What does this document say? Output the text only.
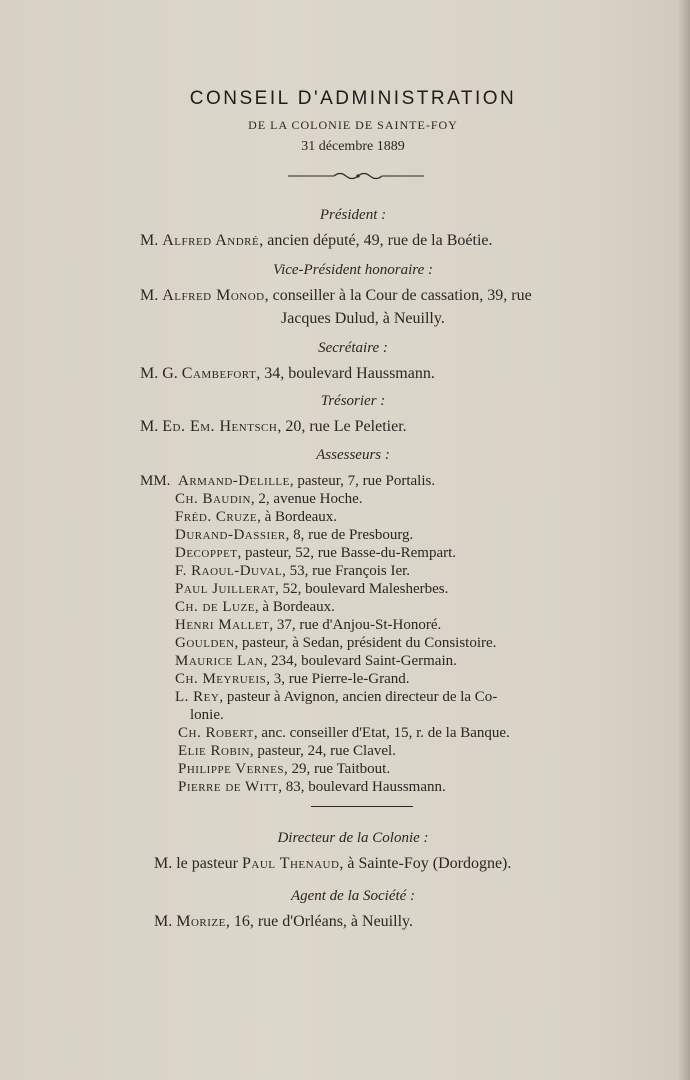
CONSEIL D'ADMINISTRATION
DE LA COLONIE DE SAINTE-FOY
31 décembre 1889
Président :
M. Alfred André, ancien député, 49, rue de la Boétie.
Vice-Président honoraire :
M. Alfred Monod, conseiller à la Cour de cassation, 39, rue
Jacques Dulud, à Neuilly.
Secrétaire :
M. G. Cambefort, 34, boulevard Haussmann.
Trésorier :
M. Ed. Em. Hentsch, 20, rue Le Peletier.
Assesseurs :
MM. Armand-Delille, pasteur, 7, rue Portalis.
Ch. Baudin, 2, avenue Hoche.
Fréd. Cruze, à Bordeaux.
Durand-Dassier, 8, rue de Presbourg.
Decoppet, pasteur, 52, rue Basse-du-Rempart.
F. Raoul-Duval, 53, rue François Ier.
Paul Juillerat, 52, boulevard Malesherbes.
Ch. de Luze, à Bordeaux.
Henri Mallet, 37, rue d'Anjou-St-Honoré.
Goulden, pasteur, à Sedan, président du Consistoire.
Maurice Lan, 234, boulevard Saint-Germain.
Ch. Meyrueis, 3, rue Pierre-le-Grand.
L. Rey, pasteur à Avignon, ancien directeur de la Co-
lonie.
Ch. Robert, anc. conseiller d'Etat, 15, r. de la Banque.
Elie Robin, pasteur, 24, rue Clavel.
Philippe Vernes, 29, rue Taitbout.
Pierre de Witt, 83, boulevard Haussmann.
Directeur de la Colonie :
M. le pasteur Paul Thenaud, à Sainte-Foy (Dordogne).
Agent de la Société :
M. Morize, 16, rue d'Orléans, à Neuilly.
